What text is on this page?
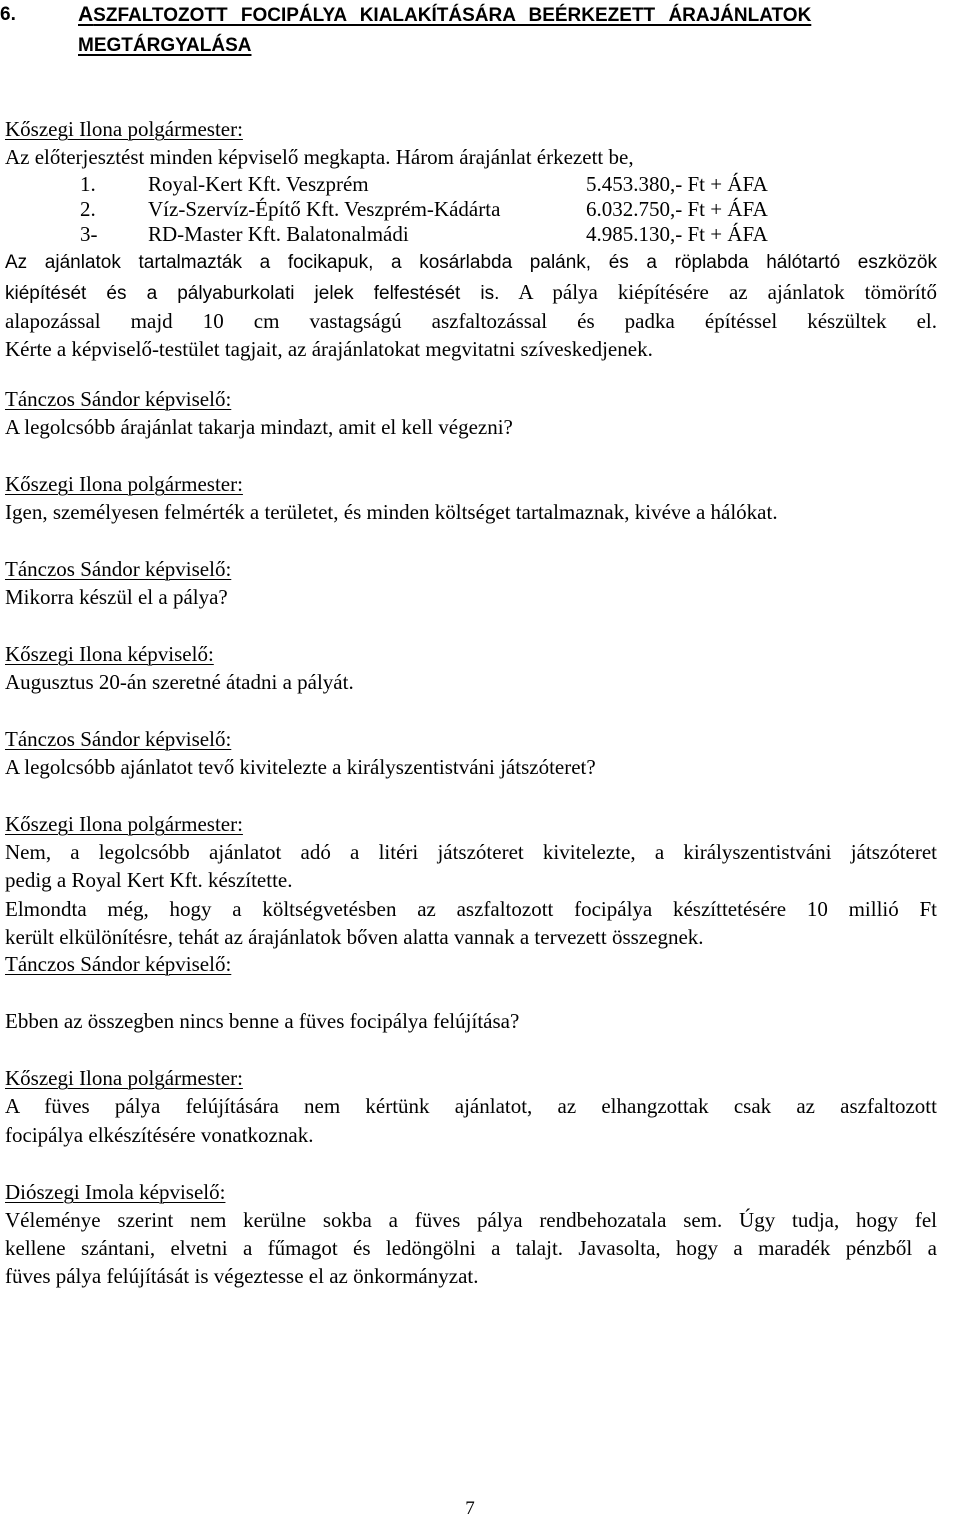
6.	ASZFALTOZOTT FOCIPÁLYA KIALAKÍTÁSÁRA BEÉRKEZETT ÁRAJÁNLATOK
MEGTÁRGYALÁSA
Kőszegi Ilona polgármester:
Az előterjesztést minden képviselő megkapta. Három árajánlat érkezett be,
1. Royal-Kert Kft. Veszprém	5.453.380,- Ft + ÁFA
2. Víz-Szervíz-Építő Kft. Veszprém-Kádárta	6.032.750,- Ft + ÁFA
3- RD-Master Kft. Balatonalmádi	4.985.130,- Ft + ÁFA
Az ajánlatok tartalmazták a focikapuk, a kosárlabda palánk, és a röplabda hálótartó eszközök
kiépítését és a pályaburkolati jelek felfestését is. A pálya kiépítésére az ajánlatok tömörítő
alapozással majd 10 cm vastagságú aszfaltozással és padka építéssel készültek el.
Kérte a képviselő-testület tagjait, az árajánlatokat megvitatni szíveskedjenek.
Tánczos Sándor képviselő:
A legolcsóbb árajánlat takarja mindazt, amit el kell végezni?
Kőszegi Ilona polgármester:
Igen, személyesen felmérték a területet, és minden költséget tartalmaznak, kivéve a hálókat.
Tánczos Sándor képviselő:
Mikorra készül el a pálya?
Kőszegi Ilona képviselő:
Augusztus 20-án szeretné átadni a pályát.
Tánczos Sándor képviselő:
A legolcsóbb ajánlatot tevő kivitelezte a királyszentistváni játszóteret?
Kőszegi Ilona polgármester:
Nem, a legolcsóbb ajánlatot adó a litéri játszóteret kivitelezte, a királyszentistváni játszóteret
pedig a Royal Kert Kft. készítette.
Elmondta még, hogy a költségvetésben az aszfaltozott focipálya készíttetésére 10 millió Ft
került elkülönítésre, tehát az árajánlatok bőven alatta vannak a tervezett összegnek.
Tánczos Sándor képviselő:
Ebben az összegben nincs benne a füves focipálya felújítása?
Kőszegi Ilona polgármester:
A füves pálya felújítására nem kértünk ajánlatot, az elhangzottak csak az aszfaltozott
focipálya elkészítésére vonatkoznak.
Diószegi Imola képviselő:
Véleménye szerint nem kerülne sokba a füves pálya rendbehozatala sem. Úgy tudja, hogy fel
kellene szántani, elvetni a fűmagot és ledöngölni a talajt. Javasolta, hogy a maradék pénzből a
füves pálya felújítását is végeztesse el az önkormányzat.
7
